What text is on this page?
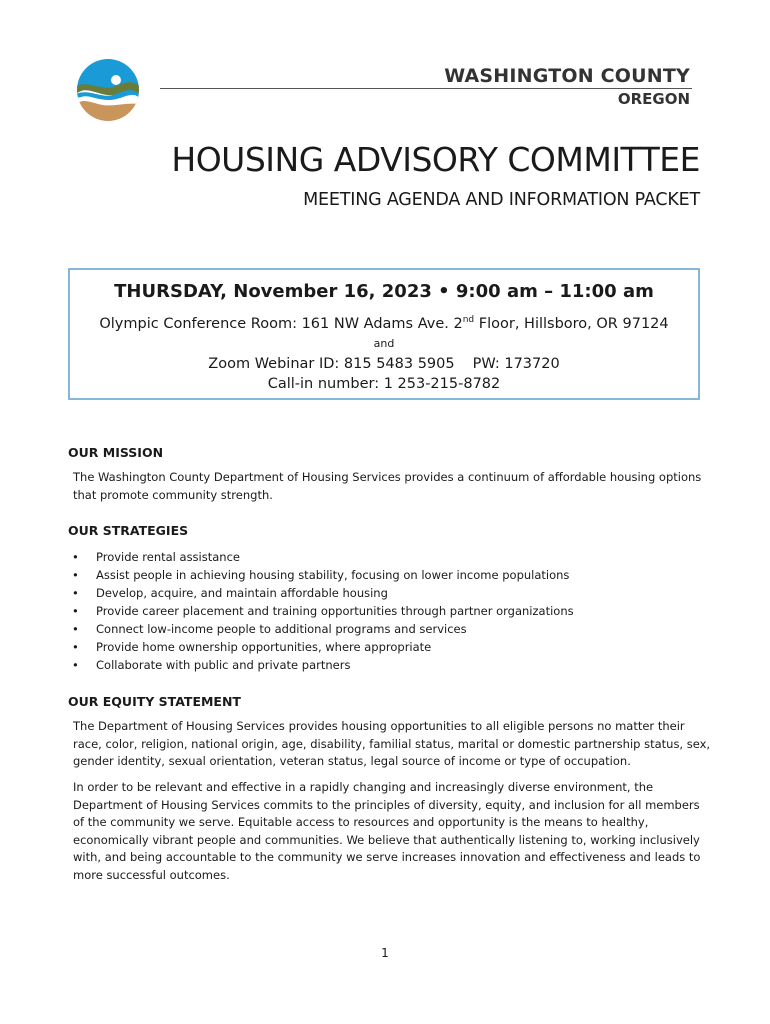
WASHINGTON COUNTY
OREGON
HOUSING ADVISORY COMMITTEE
MEETING AGENDA AND INFORMATION PACKET
THURSDAY, November 16, 2023 • 9:00 am – 11:00 am
Olympic Conference Room: 161 NW Adams Ave. 2nd Floor, Hillsboro, OR 97124
and
Zoom Webinar ID: 815 5483 5905 PW: 173720
Call-in number: 1 253-215-8782
OUR MISSION
The Washington County Department of Housing Services provides a continuum of affordable housing options that promote community strength.
OUR STRATEGIES
• Provide rental assistance
• Assist people in achieving housing stability, focusing on lower income populations
• Develop, acquire, and maintain affordable housing
• Provide career placement and training opportunities through partner organizations
• Connect low-income people to additional programs and services
• Provide home ownership opportunities, where appropriate
• Collaborate with public and private partners
OUR EQUITY STATEMENT
The Department of Housing Services provides housing opportunities to all eligible persons no matter their race, color, religion, national origin, age, disability, familial status, marital or domestic partnership status, sex, gender identity, sexual orientation, veteran status, legal source of income or type of occupation.
In order to be relevant and effective in a rapidly changing and increasingly diverse environment, the Department of Housing Services commits to the principles of diversity, equity, and inclusion for all members of the community we serve. Equitable access to resources and opportunity is the means to healthy, economically vibrant people and communities. We believe that authentically listening to, working inclusively with, and being accountable to the community we serve increases innovation and effectiveness and leads to more successful outcomes.
1
